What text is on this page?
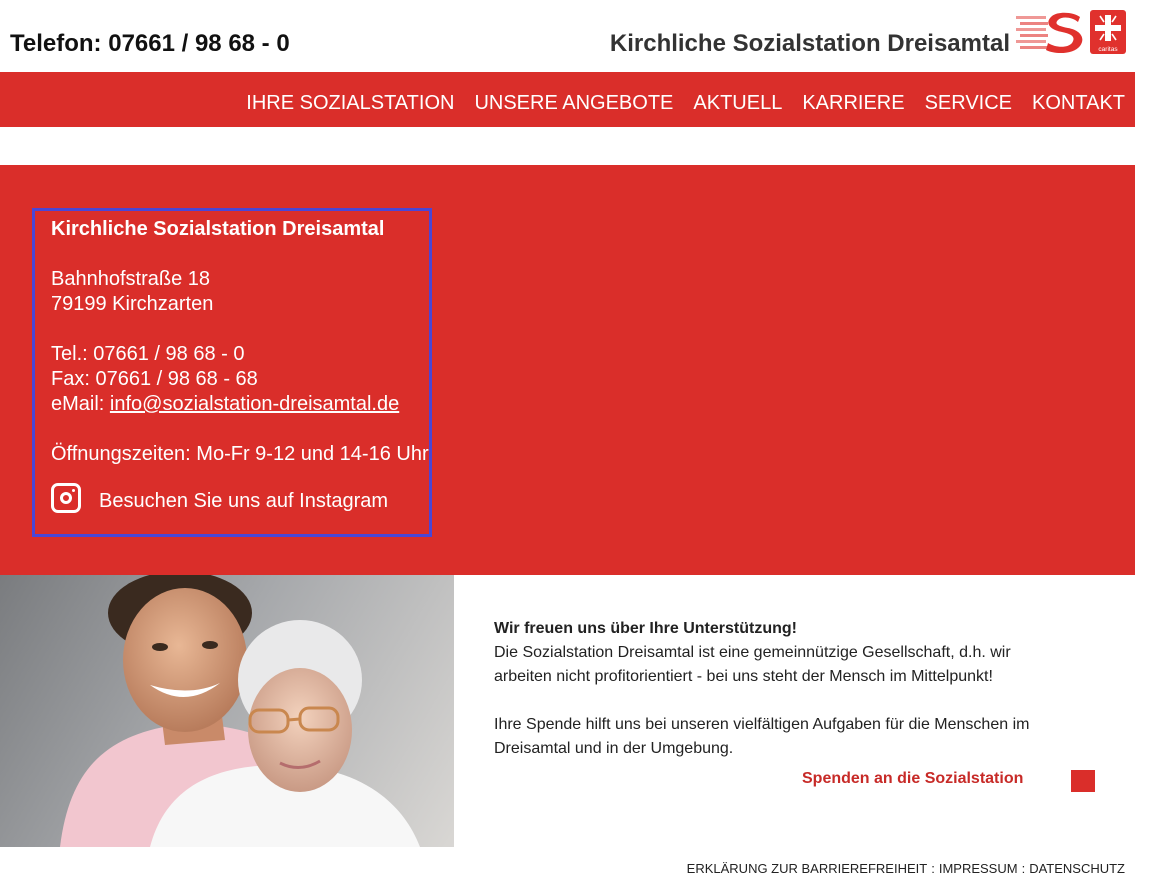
Telefon: 07661 / 98 68 - 0	Kirchliche Sozialstation Dreisamtal	caritas
IHRE SOZIALSTATION UNSERE ANGEBOTE AKTUELL KARRIERE SERVICE KONTAKT
Kirchliche Sozialstation Dreisamtal
Bahnhofstraße 18
79199 Kirchzarten
Tel.: 07661 / 98 68 - 0
Fax: 07661 / 98 68 - 68
eMail: info@sozialstation-dreisamtal.de
Öffnungszeiten: Mo-Fr 9-12 und 14-16 Uhr
Besuchen Sie uns auf Instagram
Wir freuen uns über Ihre Unterstützung!
Die Sozialstation Dreisamtal ist eine gemeinnützige Gesellschaft, d.h. wir
arbeiten nicht profitorientiert - bei uns steht der Mensch im Mittelpunkt!
Ihre Spende hilft uns bei unseren vielfältigen Aufgaben für die Menschen im
Dreisamtal und in der Umgebung.
Spenden an die Sozialstation
ERKLÄRUNG ZUR BARRIEREFREIHEIT : IMPRESSUM : DATENSCHUTZ
